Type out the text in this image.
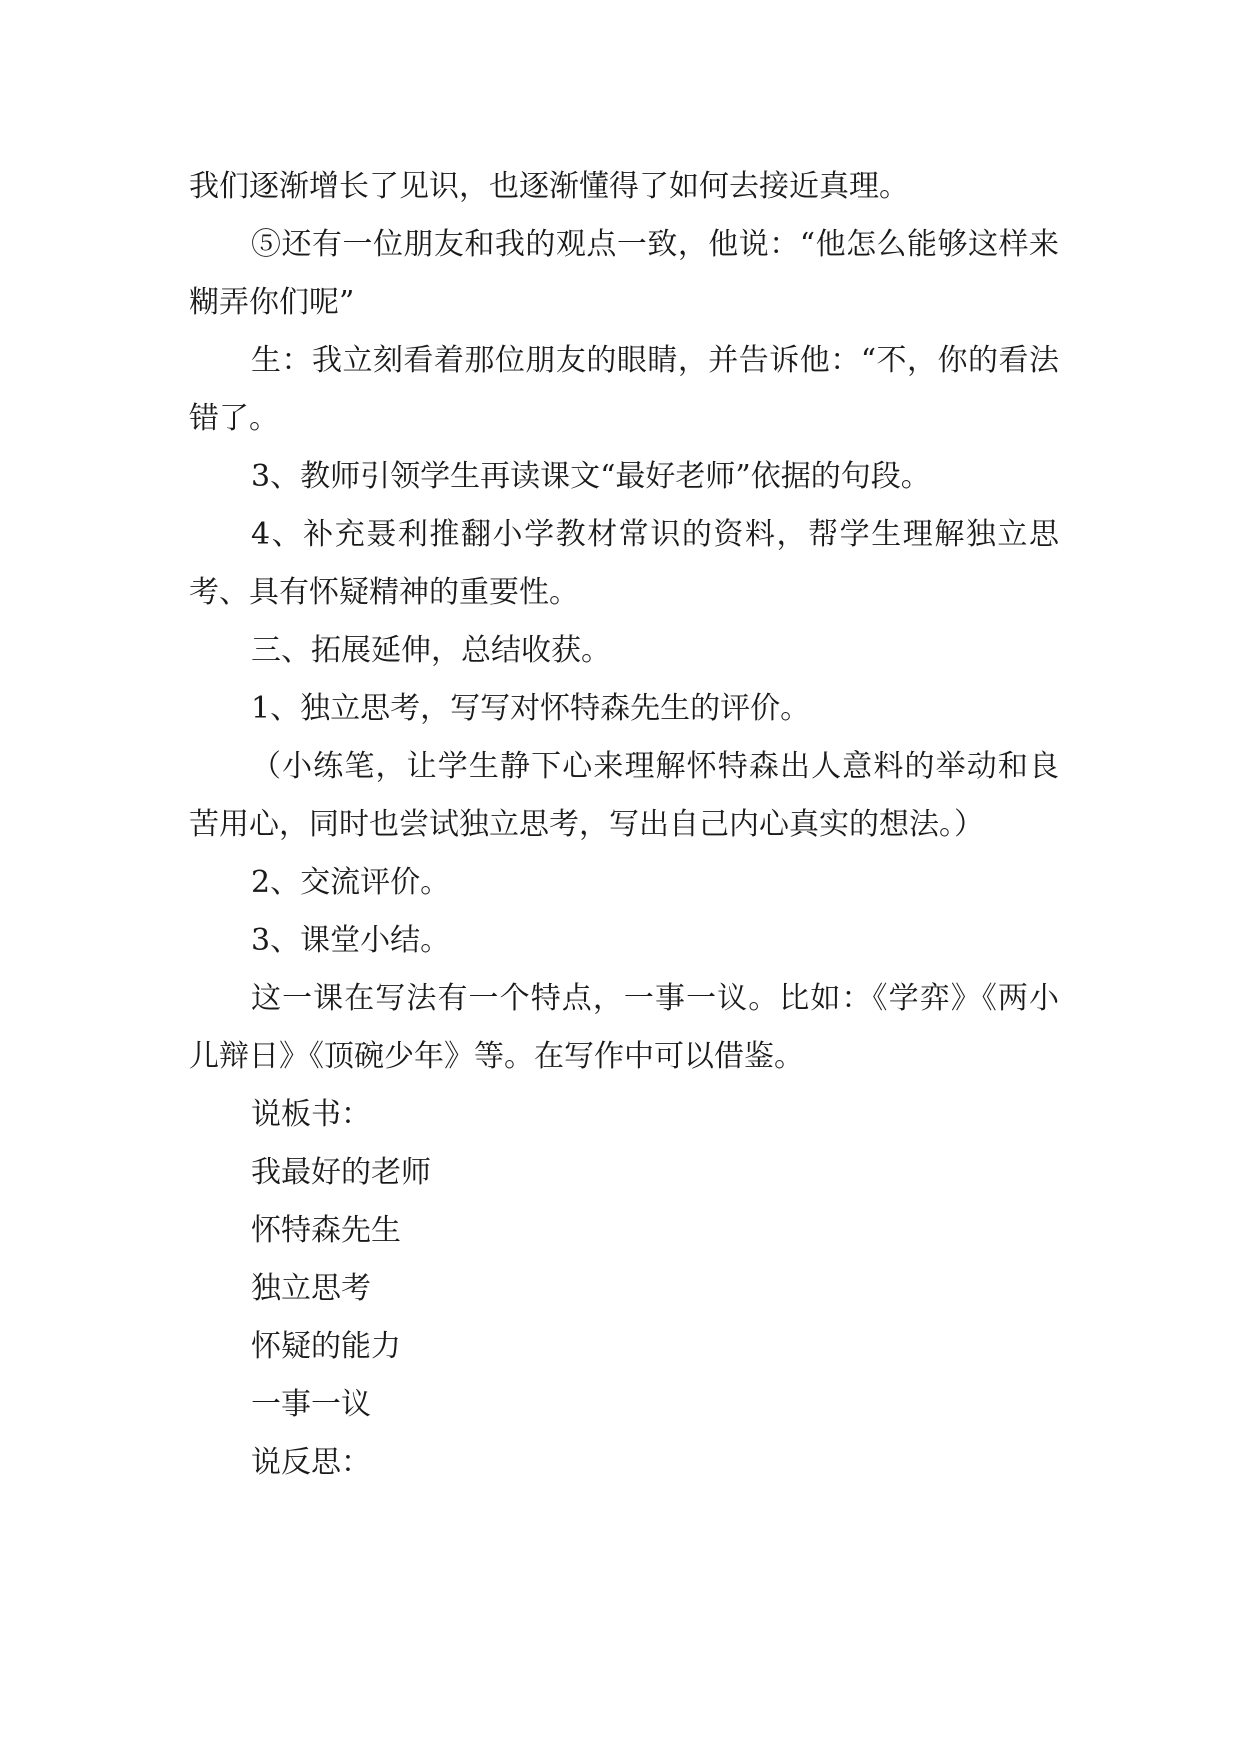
我们逐渐增长了见识，也逐渐懂得了如何去接近真理。

⑤还有一位朋友和我的观点一致，他说：“他怎么能够这样来糊弄你们呢”

生：我立刻看着那位朋友的眼睛，并告诉他：“不，你的看法错了。

3、教师引领学生再读课文“最好老师”依据的句段。

4、补充聂利推翻小学教材常识的资料，帮学生理解独立思考、具有怀疑精神的重要性。

三、拓展延伸，总结收获。

1、独立思考，写写对怀特森先生的评价。

（小练笔，让学生静下心来理解怀特森出人意料的举动和良苦用心，同时也尝试独立思考，写出自己内心真实的想法。）

2、交流评价。

3、课堂小结。

这一课在写法有一个特点，一事一议。比如：《学弈》《两小儿辩日》《顶碗少年》等。在写作中可以借鉴。

说板书：

我最好的老师

怀特森先生

独立思考

怀疑的能力

一事一议

说反思：
